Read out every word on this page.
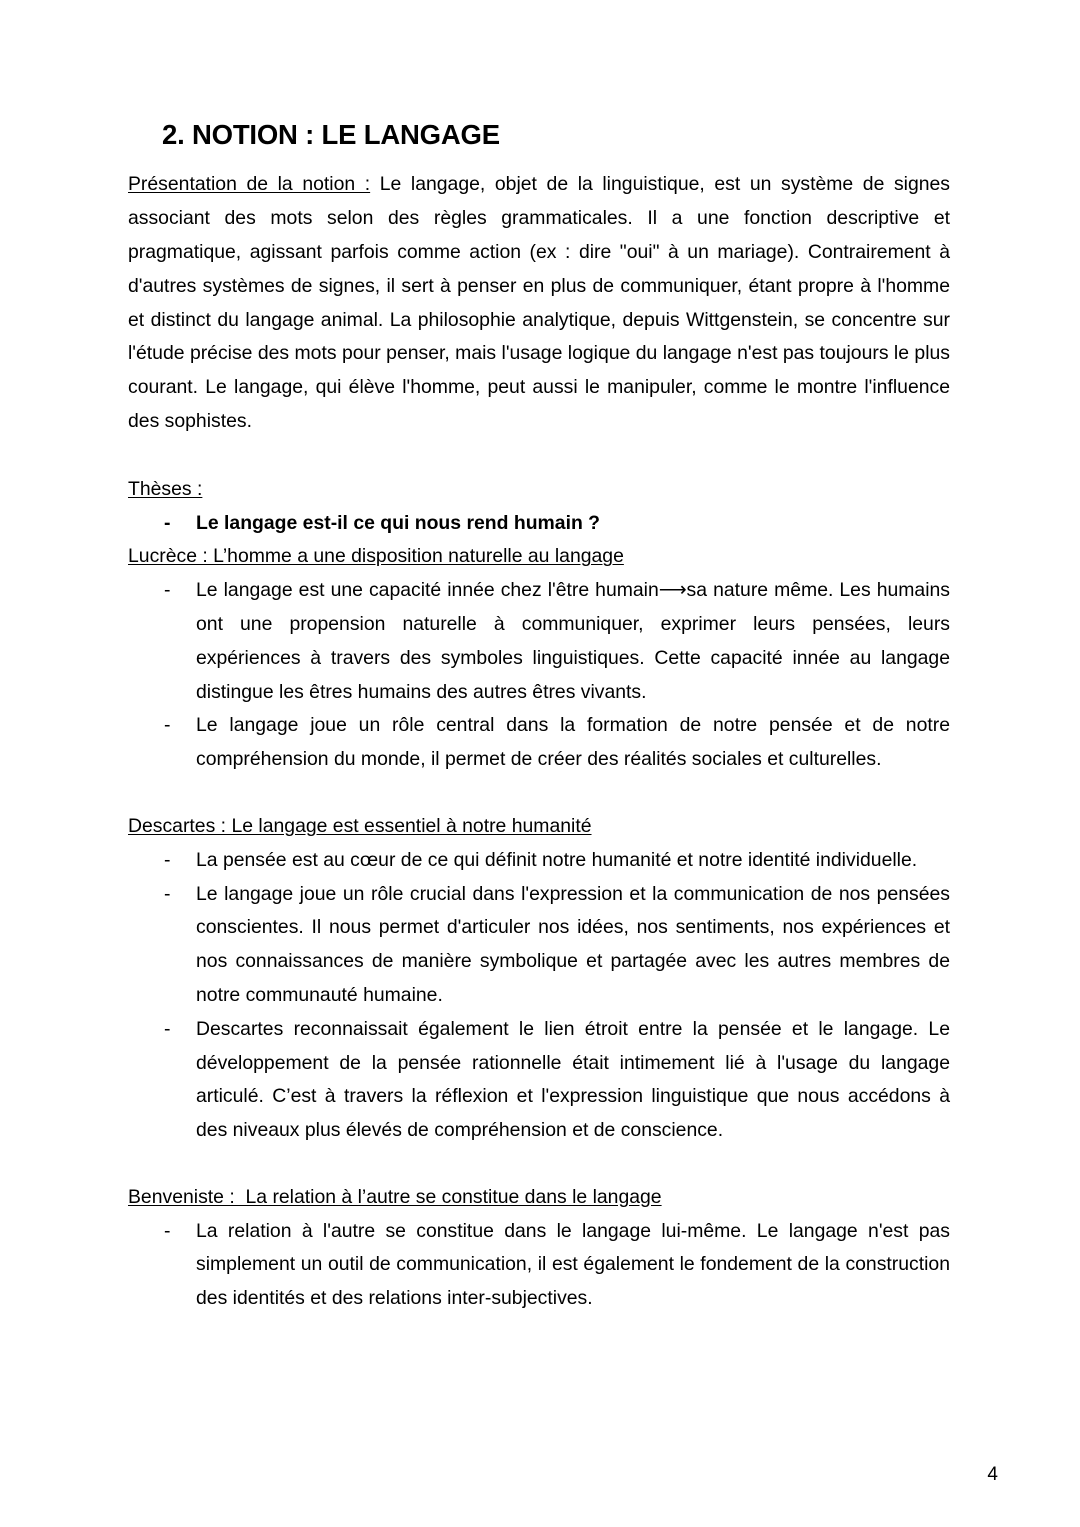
2. NOTION : LE LANGAGE

Présentation de la notion : Le langage, objet de la linguistique, est un système de signes associant des mots selon des règles grammaticales. Il a une fonction descriptive et pragmatique, agissant parfois comme action (ex : dire "oui" à un mariage). Contrairement à d'autres systèmes de signes, il sert à penser en plus de communiquer, étant propre à l'homme et distinct du langage animal. La philosophie analytique, depuis Wittgenstein, se concentre sur l'étude précise des mots pour penser, mais l'usage logique du langage n'est pas toujours le plus courant. Le langage, qui élève l'homme, peut aussi le manipuler, comme le montre l'influence des sophistes.

Thèses :

- Le langage est-il ce qui nous rend humain ?

Lucrèce : L’homme a une disposition naturelle au langage

- Le langage est une capacité innée chez l'être humain⟶sa nature même. Les humains ont une propension naturelle à communiquer, exprimer leurs pensées, leurs expériences à travers des symboles linguistiques. Cette capacité innée au langage distingue les êtres humains des autres êtres vivants.
- Le langage joue un rôle central dans la formation de notre pensée et de notre compréhension du monde, il permet de créer des réalités sociales et culturelles.

Descartes : Le langage est essentiel à notre humanité

- La pensée est au cœur de ce qui définit notre humanité et notre identité individuelle.
- Le langage joue un rôle crucial dans l'expression et la communication de nos pensées conscientes. Il nous permet d'articuler nos idées, nos sentiments, nos expériences et nos connaissances de manière symbolique et partagée avec les autres membres de notre communauté humaine.
- Descartes reconnaissait également le lien étroit entre la pensée et le langage. Le développement de la pensée rationnelle était intimement lié à l'usage du langage articulé. C’est à travers la réflexion et l'expression linguistique que nous accédons à des niveaux plus élevés de compréhension et de conscience.

Benveniste :  La relation à l’autre se constitue dans le langage

- La relation à l'autre se constitue dans le langage lui-même. Le langage n'est pas simplement un outil de communication, il est également le fondement de la construction des identités et des relations inter-subjectives.
4
